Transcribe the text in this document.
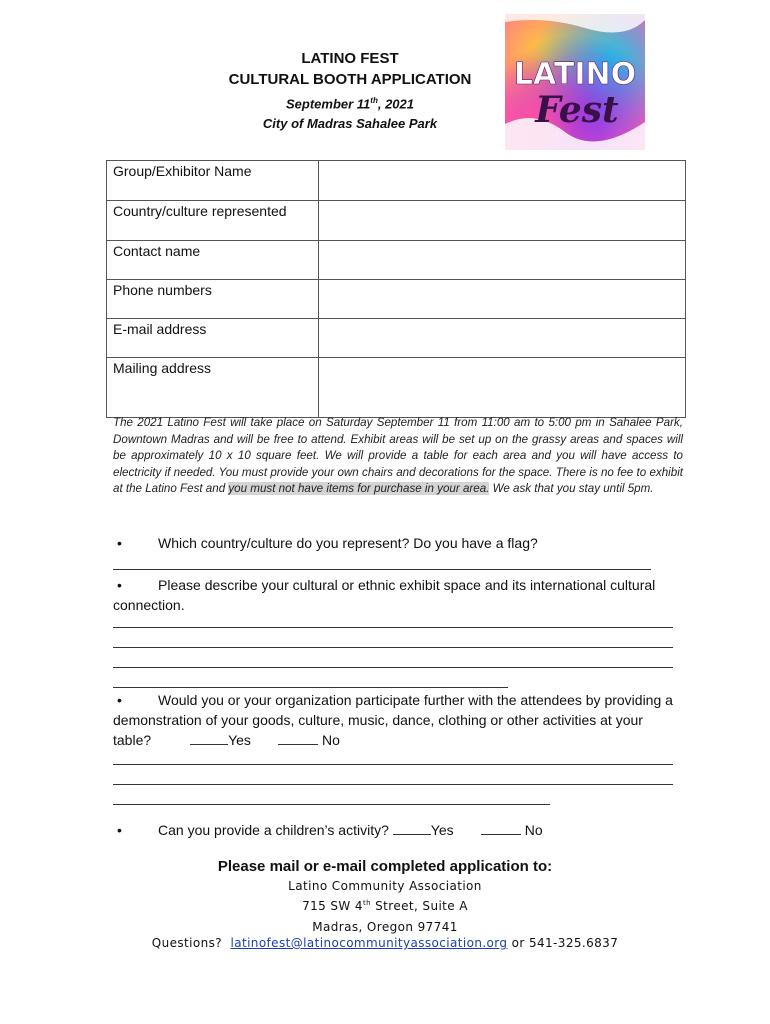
LATINO FEST
CULTURAL BOOTH APPLICATION
September 11th, 2021
City of Madras Sahalee Park
LATINO
Fest
Group/Exhibitor Name	
Country/culture represented	
Contact name	
Phone numbers	
E-mail address	
Mailing address	
The 2021 Latino Fest will take place on Saturday September 11 from 11:00 am to 5:00 pm in Sahalee Park, Downtown Madras and will be free to attend. Exhibit areas will be set up on the grassy areas and spaces will be approximately 10 x 10 square feet. We will provide a table for each area and you will have access to electricity if needed. You must provide your own chairs and decorations for the space. There is no fee to exhibit at the Latino Fest and you must not have items for purchase in your area. We ask that you stay until 5pm.
•	Which country/culture do you represent? Do you have a flag?
•	Please describe your cultural or ethnic exhibit space and its international cultural connection.
•	Would you or your organization participate further with the attendees by providing a demonstration of your goods, culture, music, dance, clothing or other activities at your table?	Yes	No
•	Can you provide a children’s activity?	Yes	No
Please mail or e-mail completed application to:
Latino Community Association
715 SW 4th Street, Suite A
Madras, Oregon 97741
Questions? latinofest@latinocommunityassociation.org or 541-325.6837
